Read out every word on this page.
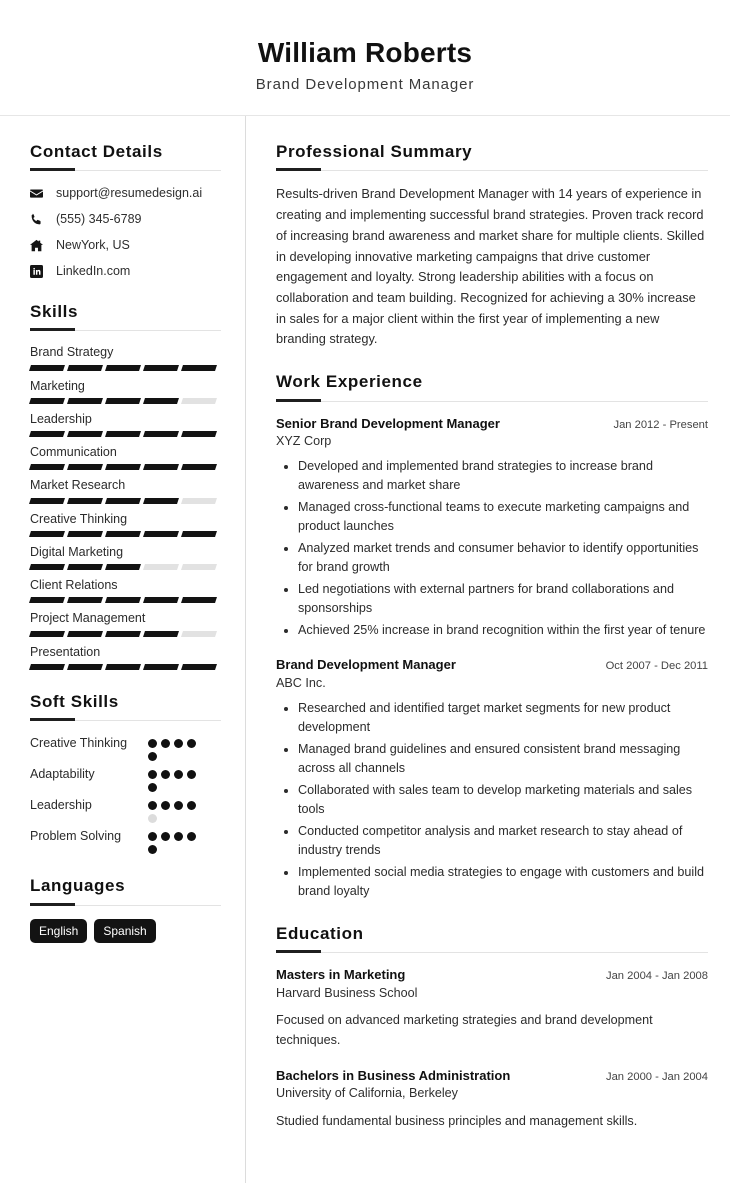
William Roberts
Brand Development Manager
Contact Details
support@resumedesign.ai
(555) 345-6789
NewYork, US
LinkedIn.com
Skills
Brand Strategy
Marketing
Leadership
Communication
Market Research
Creative Thinking
Digital Marketing
Client Relations
Project Management
Presentation
Soft Skills
Creative Thinking
Adaptability
Leadership
Problem Solving
Languages
English	Spanish
Professional Summary

Results-driven Brand Development Manager with 14 years of experience in creating and implementing successful brand strategies. Proven track record of increasing brand awareness and market share for multiple clients. Skilled in developing innovative marketing campaigns that drive customer engagement and loyalty. Strong leadership abilities with a focus on collaboration and team building. Recognized for achieving a 30% increase in sales for a major client within the first year of implementing a new branding strategy.

Work Experience
Senior Brand Development Manager	Jan 2012 - Present
XYZ Corp
• Developed and implemented brand strategies to increase brand awareness and market share
• Managed cross-functional teams to execute marketing campaigns and product launches
• Analyzed market trends and consumer behavior to identify opportunities for brand growth
• Led negotiations with external partners for brand collaborations and sponsorships
• Achieved 25% increase in brand recognition within the first year of tenure
Brand Development Manager	Oct 2007 - Dec 2011
ABC Inc.
• Researched and identified target market segments for new product development
• Managed brand guidelines and ensured consistent brand messaging across all channels
• Collaborated with sales team to develop marketing materials and sales tools
• Conducted competitor analysis and market research to stay ahead of industry trends
• Implemented social media strategies to engage with customers and build brand loyalty
Education
Masters in Marketing	Jan 2004 - Jan 2008
Harvard Business School
Focused on advanced marketing strategies and brand development techniques.
Bachelors in Business Administration	Jan 2000 - Jan 2004
University of California, Berkeley
Studied fundamental business principles and management skills.
